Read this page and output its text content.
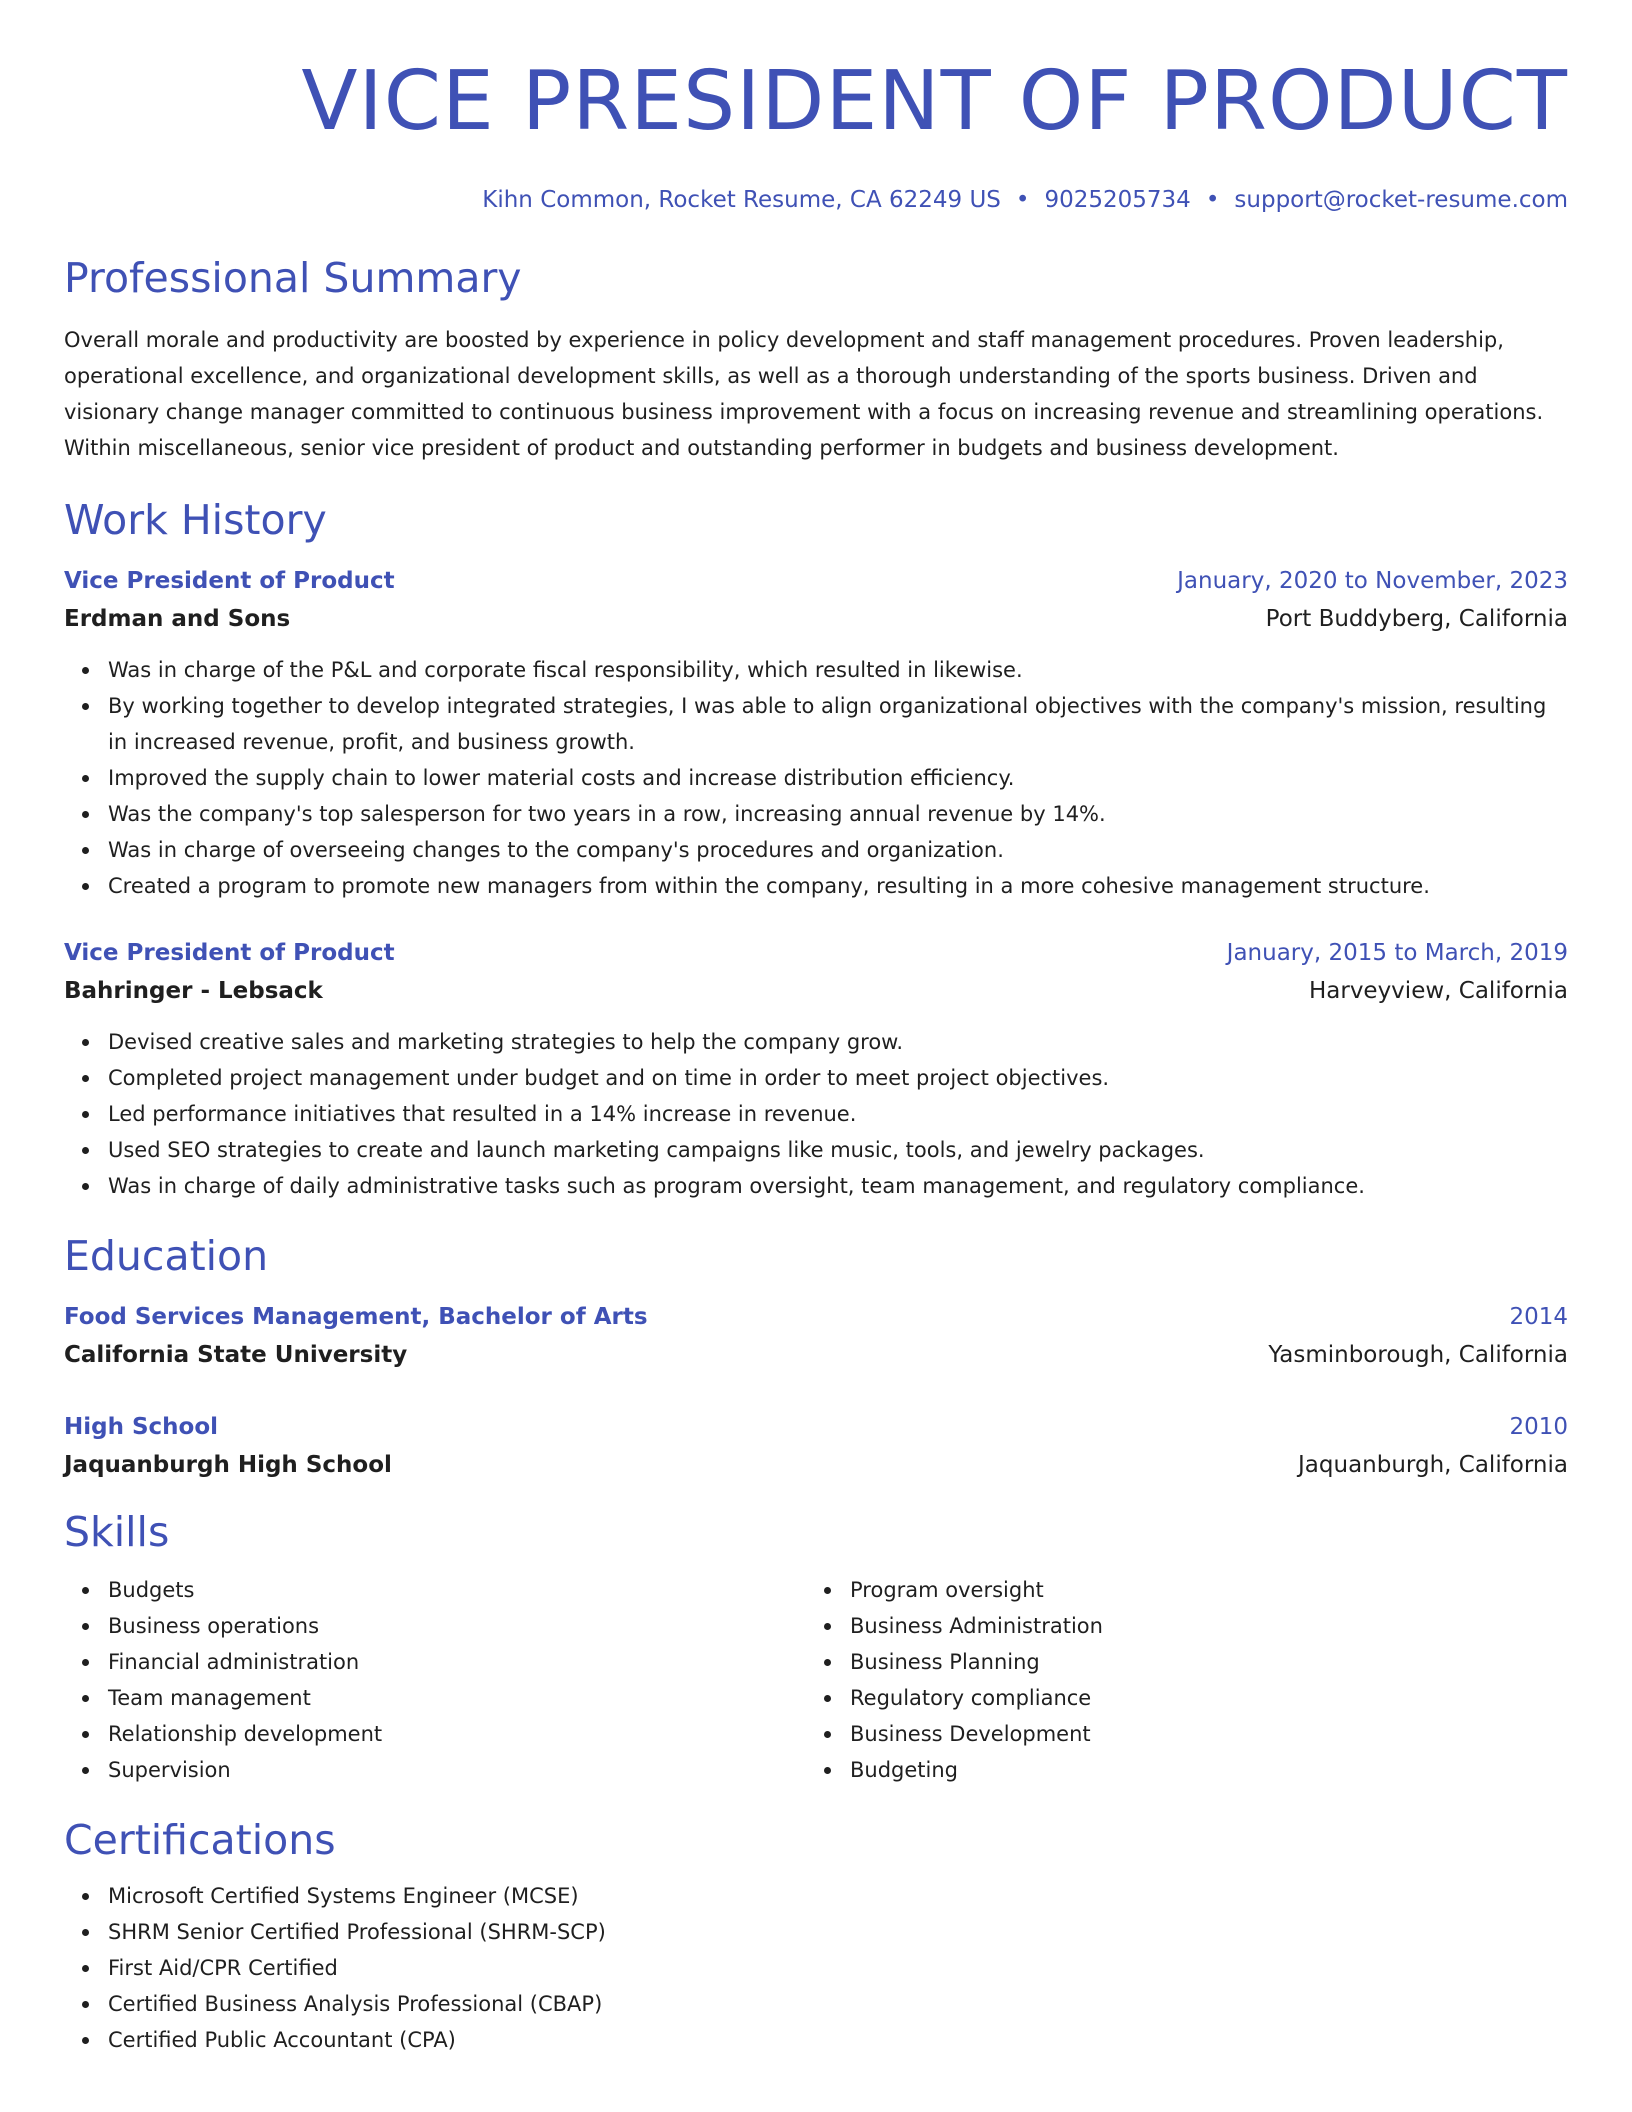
VICE PRESIDENT OF PRODUCT
Kihn Common, Rocket Resume, CA 62249 US • 9025205734 • support@rocket-resume.com
Professional Summary

Overall morale and productivity are boosted by experience in policy development and staff management procedures. Proven leadership, operational excellence, and organizational development skills, as well as a thorough understanding of the sports business. Driven and visionary change manager committed to continuous business improvement with a focus on increasing revenue and streamlining operations. Within miscellaneous, senior vice president of product and outstanding performer in budgets and business development.

Work History
Vice President of Product	January, 2020 to November, 2023
Erdman and Sons	Port Buddyberg, California
Was in charge of the P&L and corporate fiscal responsibility, which resulted in likewise.
By working together to develop integrated strategies, I was able to align organizational objectives with the company's mission, resulting in increased revenue, profit, and business growth.
Improved the supply chain to lower material costs and increase distribution efficiency.
Was the company's top salesperson for two years in a row, increasing annual revenue by 14%.
Was in charge of overseeing changes to the company's procedures and organization.
Created a program to promote new managers from within the company, resulting in a more cohesive management structure.
Vice President of Product	January, 2015 to March, 2019
Bahringer - Lebsack	Harveyview, California
Devised creative sales and marketing strategies to help the company grow.
Completed project management under budget and on time in order to meet project objectives.
Led performance initiatives that resulted in a 14% increase in revenue.
Used SEO strategies to create and launch marketing campaigns like music, tools, and jewelry packages.
Was in charge of daily administrative tasks such as program oversight, team management, and regulatory compliance.
Education
Food Services Management, Bachelor of Arts	2014
California State University	Yasminborough, California
High School	2010
Jaquanburgh High School	Jaquanburgh, California
Skills
Budgets
Business operations
Financial administration
Team management
Relationship development
Supervision
Program oversight
Business Administration
Business Planning
Regulatory compliance
Business Development
Budgeting
Certifications
Microsoft Certified Systems Engineer (MCSE)
SHRM Senior Certified Professional (SHRM-SCP)
First Aid/CPR Certified
Certified Business Analysis Professional (CBAP)
Certified Public Accountant (CPA)
